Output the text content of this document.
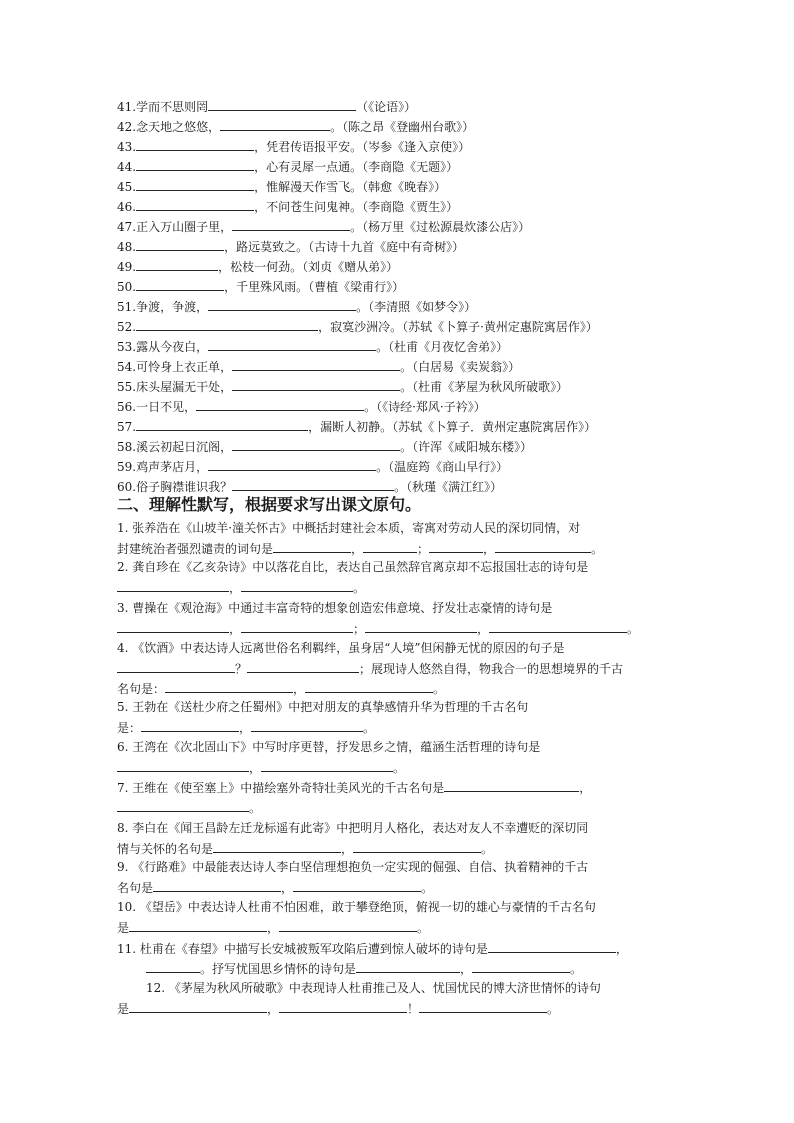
41.学而不思则罔	（《论语》）
42.念天地之悠悠，	。（陈之昂《登幽州台歌》）
43.	，凭君传语报平安。（岑参《逢入京使》）
44.	，心有灵犀一点通。（李商隐《无题》）
45.	，惟解漫天作雪飞。（韩愈《晚春》）
46.	，不问苍生问鬼神。（李商隐《贾生》）
47.正入万山圈子里，	。（杨万里《过松源晨炊漆公店》）
48.	，路远莫致之。（古诗十九首《庭中有奇树》）
49.	，松枝一何劲。（刘贞《赠从弟》）
50.	，千里殊风雨。（曹植《梁甫行》）
51.争渡，争渡，	。（李清照《如梦令》）
52.	，寂寞沙洲冷。（苏轼《卜算子·黄州定惠院寓居作》）
53.露从今夜白，	。（杜甫《月夜忆舍弟》）
54.可怜身上衣正单，	。（白居易《卖炭翁》）
55.床头屋漏无干处，	。（杜甫《茅屋为秋风所破歌》）
56.一日不见，	。（《诗经·郑风·子衿》）
57.	，漏断人初静。（苏轼《卜算子．黄州定惠院寓居作》）
58.溪云初起日沉阁，	。（许浑《咸阳城东楼》）
59.鸡声茅店月，	。（温庭筠《商山早行》）
60.俗子胸襟谁识我？	。（秋瑾《满江红》）
二、理解性默写，根据要求写出课文原句。
1. 张养浩在《山坡羊·潼关怀古》中概括封建社会本质，寄寓对劳动人民的深切同情，对
封建统治者强烈谴责的词句是	，	；	，	。
2. 龚自珍在《乙亥杂诗》中以落花自比，表达自己虽然辞官离京却不忘报国壮志的诗句是
，	。
3. 曹操在《观沧海》中通过丰富奇特的想象创造宏伟意境、抒发壮志豪情的诗句是
，	；	，	。
4. 《饮酒》中表达诗人远离世俗名利羁绊，虽身居“人境”但闲静无忧的原因的句子是
？	；展现诗人悠然自得，物我合一的思想境界的千古
名句是：	，	。
5. 王勃在《送杜少府之任蜀州》中把对朋友的真挚感情升华为哲理的千古名句
是：	，	。
6. 王湾在《次北固山下》中写时序更替，抒发思乡之情，蕴涵生活哲理的诗句是
，	。
7. 王维在《使至塞上》中描绘塞外奇特壮美风光的千古名句是	，
。
8. 李白在《闻王昌龄左迁龙标遥有此寄》中把明月人格化，表达对友人不幸遭贬的深切同
情与关怀的名句是	，	。
9. 《行路难》中最能表达诗人李白坚信理想抱负一定实现的倔强、自信、执着精神的千古
名句是	，	。
10. 《望岳》中表达诗人杜甫不怕困难，敢于攀登绝顶，俯视一切的雄心与豪情的千古名句
是	，	。
11. 杜甫在《春望》中描写长安城被叛军攻陷后遭到惊人破坏的诗句是	，
。抒写忧国思乡情怀的诗句是	，	。
12. 《茅屋为秋风所破歌》中表现诗人杜甫推己及人、忧国忧民的博大济世情怀的诗句
是	，	！	。
